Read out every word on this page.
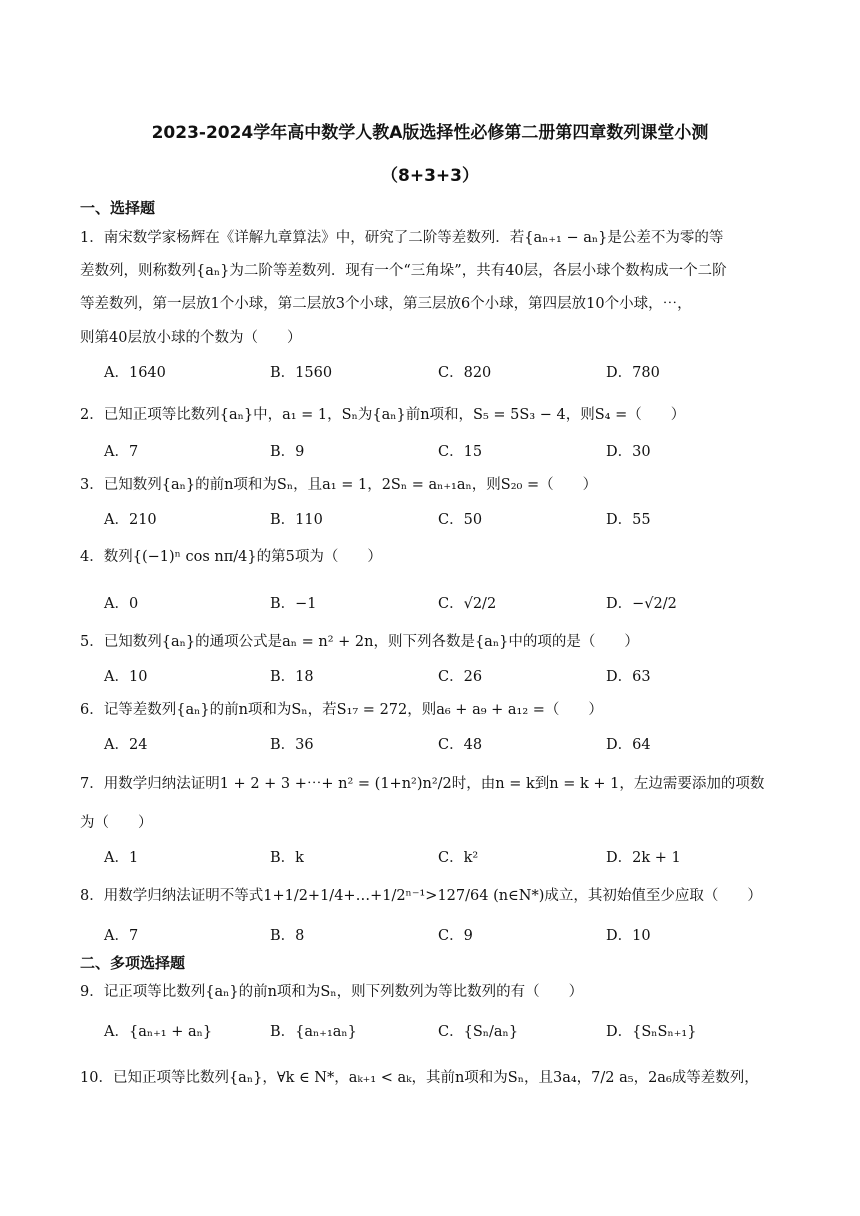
2023-2024学年高中数学人教A版选择性必修第二册第四章数列课堂小测
（8+3+3）
一、选择题
1．南宋数学家杨辉在《详解九章算法》中，研究了二阶等差数列．若{aₙ₊₁ − aₙ}是公差不为零的等
差数列，则称数列{aₙ}为二阶等差数列．现有一个“三角垛”，共有40层，各层小球个数构成一个二阶
等差数列，第一层放1个小球，第二层放3个小球，第三层放6个小球，第四层放10个小球，⋯，
则第40层放小球的个数为（　　）
A．1640	B．1560	C．820	D．780
2．已知正项等比数列{aₙ}中，a₁ = 1，Sₙ为{aₙ}前n项和，S₅ = 5S₃ − 4，则S₄ =（　　）
A．7	B．9	C．15	D．30
3．已知数列{aₙ}的前n项和为Sₙ，且a₁ = 1，2Sₙ = aₙ₊₁aₙ，则S₂₀ =（　　）
A．210	B．110	C．50	D．55
4．数列{(−1)ⁿ cos nπ/4}的第5项为（　　）
A．0	B．−1	C．√2/2	D．−√2/2
5．已知数列{aₙ}的通项公式是aₙ = n² + 2n，则下列各数是{aₙ}中的项的是（　　）
A．10	B．18	C．26	D．63
6．记等差数列{aₙ}的前n项和为Sₙ，若S₁₇ = 272，则a₆ + a₉ + a₁₂ =（　　）
A．24	B．36	C．48	D．64
7．用数学归纳法证明1 + 2 + 3 +⋯+ n² = (1+n²)n²/2时，由n = k到n = k + 1，左边需要添加的项数
为（　　）
A．1	B．k	C．k²	D．2k + 1
8．用数学归纳法证明不等式1+1/2+1/4+…+1/2ⁿ⁻¹>127/64 (n∈N*)成立，其初始值至少应取（　　）
A．7	B．8	C．9	D．10
二、多项选择题
9．记正项等比数列{aₙ}的前n项和为Sₙ，则下列数列为等比数列的有（　　）
A．{aₙ₊₁ + aₙ}	B．{aₙ₊₁aₙ}	C．{Sₙ/aₙ}	D．{SₙSₙ₊₁}
10．已知正项等比数列{aₙ}，∀k ∈ N*，aₖ₊₁ < aₖ，其前n项和为Sₙ，且3a₄，7/2 a₅，2a₆成等差数列，
